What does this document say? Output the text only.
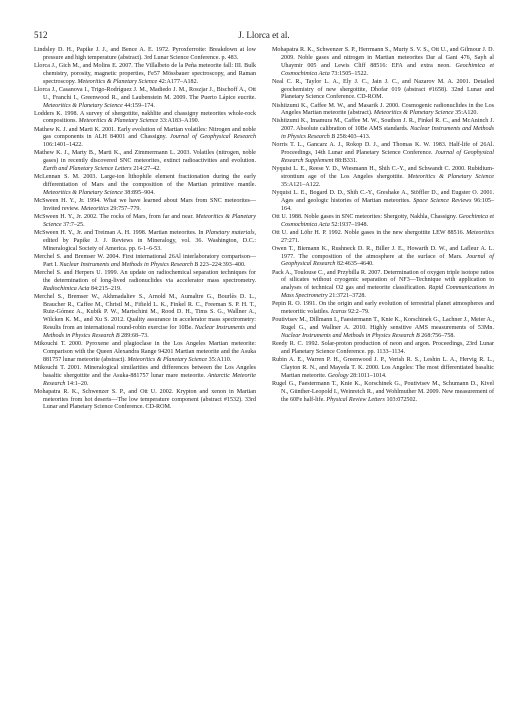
512	J. Llorca et al.

Lindsley D. H., Papike J. J., and Bence A. E. 1972. Pyroxferroite: Breakdown at low pressure and high temperature (abstract). 3rd Lunar Science Conference. p. 483.

Llorca J., Gich M., and Molins E. 2007. The Villalbeto de la Peña meteorite fall: III. Bulk chemistry, porosity, magnetic properties, Fe57 Mössbauer spectroscopy, and Raman spectroscopy. Meteoritics & Planetary Science 42:A177–A182.

Llorca J., Casanova I., Trigo-Rodríguez J. M., Madiedo J. M., Roszjar J., Bischoff A., Ott U., Franchi I., Greenwood R., and Laubenstein M. 2009. The Puerto Lápice eucrite. Meteoritics & Planetary Science 44:159–174.

Lodders K. 1998. A survey of shergottite, nakhlite and chassigny meteorites whole-rock compositions. Meteoritics & Planetary Science 33:A183–A190.

Mathew K. J. and Marti K. 2001. Early evolution of Martian volatiles: Nitrogen and noble gas components in ALH 84001 and Chassigny. Journal of Geophysical Research 106:1401–1422.

Mathew K. J., Marty B., Marti K., and Zimmermann L. 2003. Volatiles (nitrogen, noble gases) in recently discovered SNC meteorites, extinct radioactivities and evolution. Earth and Planetary Science Letters 214:27–42.

McLennan S. M. 2003. Large-ion lithophile element fractionation during the early differentiation of Mars and the composition of the Martian primitive mantle. Meteoritics & Planetary Science 38:895–904.

McSween H. Y., Jr. 1994. What we have learned about Mars from SNC meteorites—Invited review. Meteoritics 29:757–779.

McSween H. Y., Jr. 2002. The rocks of Mars, from far and near. Meteoritics & Planetary Science 37:7–25.

McSween H. Y., Jr. and Treiman A. H. 1998. Martian meteorites. In Planetary materials, edited by Papike J. J. Reviews in Mineralogy, vol. 36. Washington, D.C.: Mineralogical Society of America. pp. 6-1–6-53.

Merchel S. and Bremser W. 2004. First international 26Al interlaboratory comparison—Part I. Nuclear Instruments and Methods in Physics Research B 223–224:393–400.

Merchel S. and Herpers U. 1999. An update on radiochemical separation techniques for the determination of long-lived radionuclides via accelerator mass spectrometry. Radiochimica Acta 84:215–219.

Merchel S., Bremser W., Akhmadaliev S., Arnold M., Aumaître G., Bourlès D. L., Braucher R., Caffee M., Christl M., Fifield L. K., Finkel R. C., Freeman S. P. H. T., Ruiz-Gómez A., Kubik P. W., Martschini M., Rood D. H., Tims S. G., Wallner A., Wilcken K. M., and Xu S. 2012. Quality assurance in accelerator mass spectrometry: Results from an international round-robin exercise for 10Be. Nuclear Instruments and Methods in Physics Research B 289:68–73.

Mikouchi T. 2000. Pyroxene and plagioclase in the Los Angeles Martian meteorite: Comparison with the Queen Alexandra Range 94201 Martian meteorite and the Asuka 881757 lunar meteorite (abstract). Meteoritics & Planetary Science 35:A110.

Mikouchi T. 2001. Mineralogical similarities and differences between the Los Angeles basaltic shergottite and the Asuka-881757 lunar mare meteorite. Antarctic Meteorite Research 14:1–20.

Mohapatra R. K., Schwenzer S. P., and Ott U. 2002. Krypton and xenon in Martian meteorites from hot deserts—The low temperature component (abstract #1532). 33rd Lunar and Planetary Science Conference. CD-ROM.

Mohapatra R. K., Schwenzer S. P., Herrmann S., Murty S. V. S., Ott U., and Gilmour J. D. 2009. Noble gases and nitrogen in Martian meteorites Dar al Gani 476, Sayh al Uhaymir 005 and Lewis Cliff 88516: EFA and extra neon. Geochimica et Cosmochimica Acta 73:1505–1522.

Neal C. R., Taylor L. A., Ely J. C., Jain J. C., and Nazarov M. A. 2001. Detailed geochemistry of new shergottite, Dhofar 019 (abstract #1658). 32nd Lunar and Planetary Science Conference. CD-ROM.

Nishiizumi K., Caffee M. W., and Masarik J. 2000. Cosmogenic radionuclides in the Los Angeles Martian meteorite (abstract). Meteoritics & Planetary Science 35:A120.

Nishiizumi K., Imamura M., Caffee M. W., Southon J. R., Finkel R. C., and McAninch J. 2007. Absolute calibration of 10Be AMS standards. Nuclear Instruments and Methods in Physics Research B 258:403–413.

Norris T. L., Gancarz A. J., Rokop D. J., and Thomas K. W. 1983. Half-life of 26Al. Proceedings, 14th Lunar and Planetary Science Conference. Journal of Geophysical Research Supplement 88:B331.

Nyquist L. E., Reese Y. D., Wiesmann H., Shih C.-Y., and Schwandt C. 2000. Rubidium-strontium age of the Los Angeles shergottite. Meteoritics & Planetary Science 35:A121–A122.

Nyquist L. E., Bogard D. D., Shih C.-Y., Greshake A., Stöffler D., and Eugster O. 2001. Ages and geologic histories of Martian meteorites. Space Science Reviews 96:105–164.

Ott U. 1988. Noble gases in SNC meteorites: Shergotty, Nakhla, Chassigny. Geochimica et Cosmochimica Acta 52:1937–1948.

Ott U. and Löhr H. P. 1992. Noble gases in the new shergottite LEW 88516. Meteoritics 27:271.

Owen T., Biemann K., Rushneck D. R., Biller J. E., Howarth D. W., and Lafleur A. L. 1977. The composition of the atmosphere at the surface of Mars. Journal of Geophysical Research 82:4635–4640.

Pack A., Toulouse C., and Przybilla R. 2007. Determination of oxygen triple isotope ratios of silicates without cryogenic separation of NF3—Technique with application to analyses of technical O2 gas and meteorite classification. Rapid Communications in Mass Spectrometry 21:3721–3728.

Pepin R. O. 1991. On the origin and early evolution of terrestrial planet atmospheres and meteoritic volatiles. Icarus 92:2–79.

Poutivtsev M., Dillmann I., Faestermann T., Knie K., Korschinek G., Lachner J., Meier A., Rugel G., and Wallner A. 2010. Highly sensitive AMS measurements of 53Mn. Nuclear Instruments and Methods in Physics Research B 268:756–758.

Reedy R. C. 1992. Solar-proton production of neon and argon. Proceedings, 23rd Lunar and Planetary Science Conference. pp. 1133–1134.

Rubin A. E., Warren P. H., Greenwood J. P., Verish R. S., Leshin L. A., Hervig R. L., Clayton R. N., and Mayeda T. K. 2000. Los Angeles: The most differentiated basaltic Martian meteorite. Geology 28:1011–1014.

Rugel G., Faestermann T., Knie K., Korschinek G., Poutivtsev M., Schumann D., Kivel N., Günther-Leopold I., Weinreich R., and Wohlmuther M. 2009. New measurement of the 60Fe half-life. Physical Review Letters 103:072502.
